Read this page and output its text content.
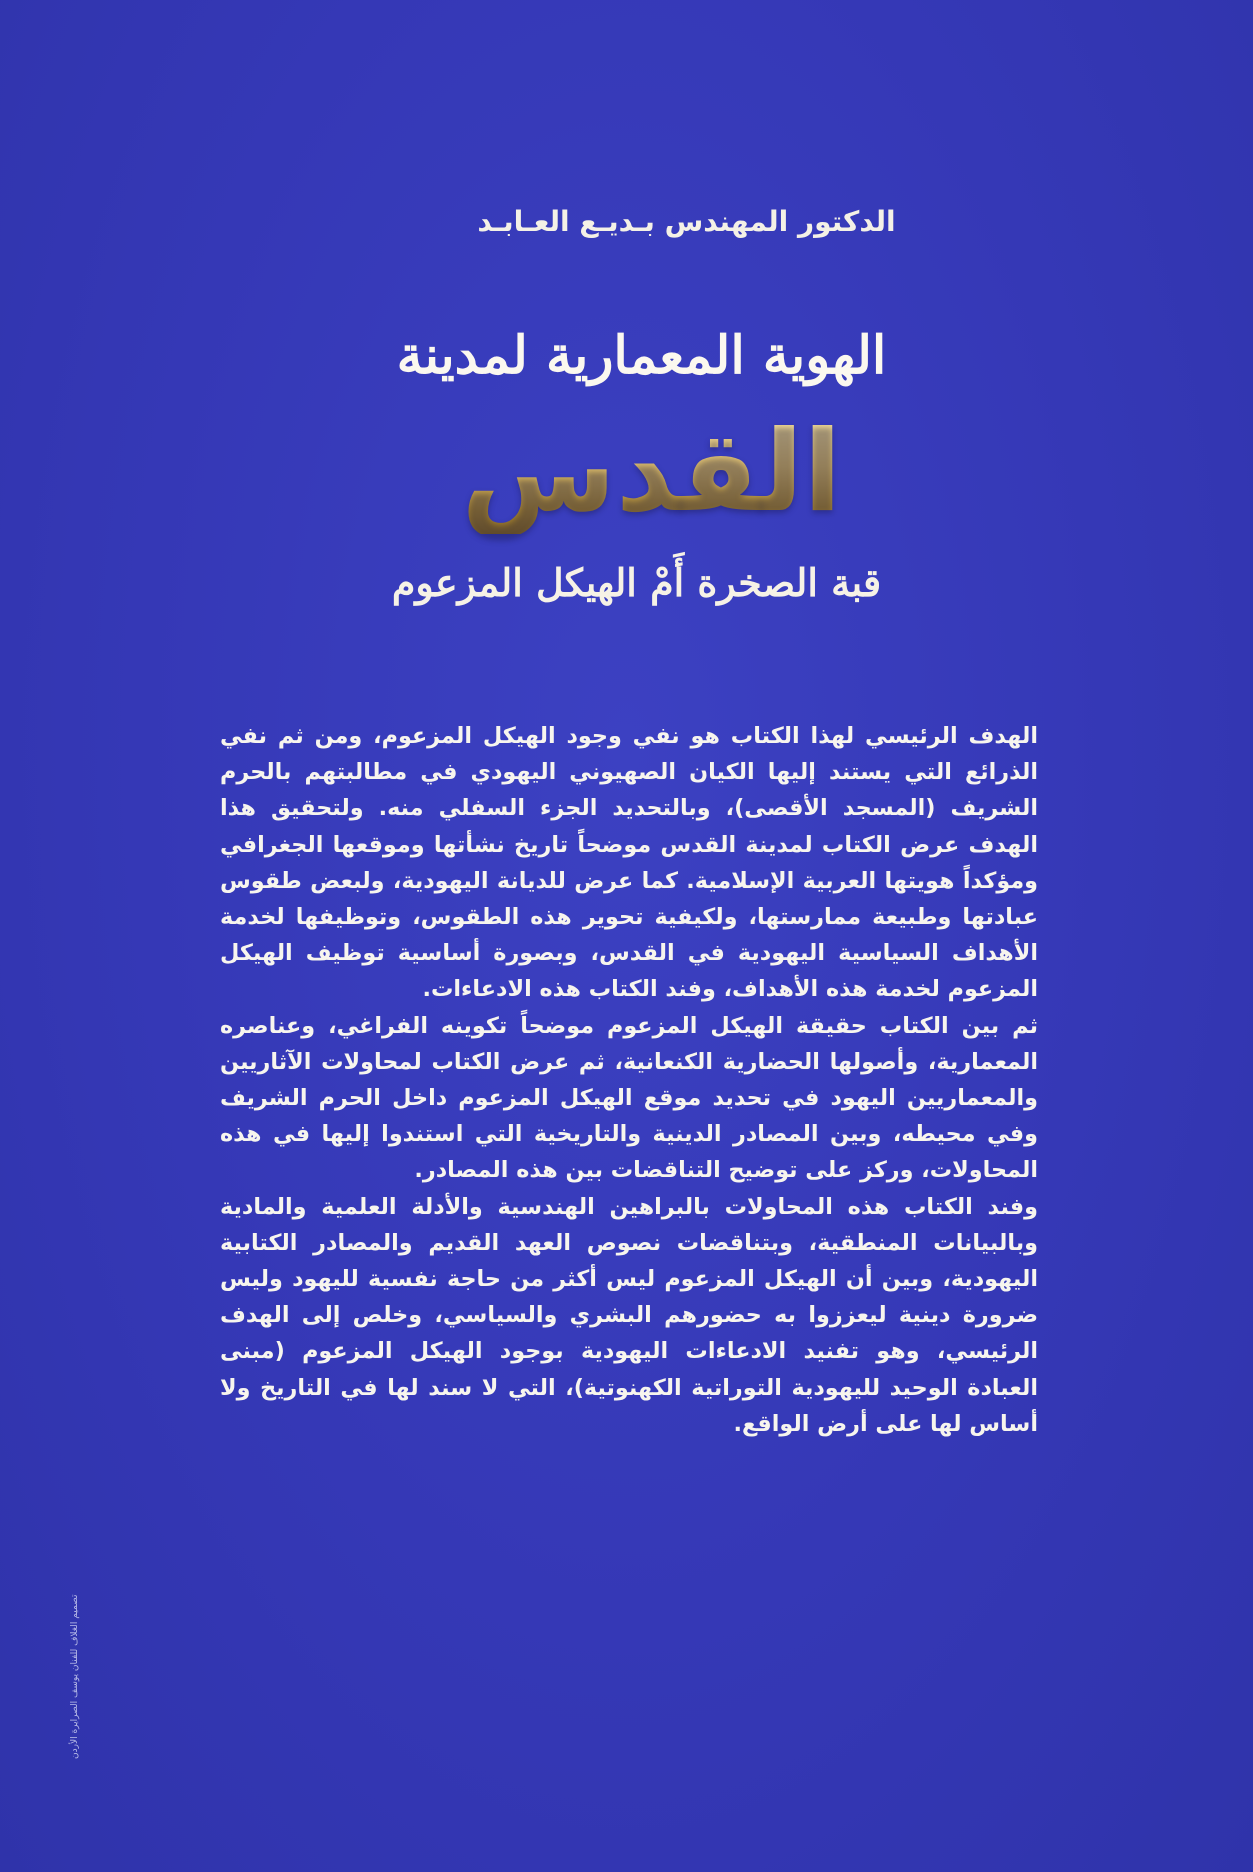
الدكتور المهندس بـديـع العـابـد
الهوية المعمارية لمدينة
القدس
قبة الصخرة أَمْ الهيكل المزعوم

الهدف الرئيسي لهذا الكتاب هو نفي وجود الهيكل المزعوم، ومن ثم نفي الذرائع التي يستند إليها الكيان الصهيوني اليهودي في مطالبتهم بالحرم الشريف (المسجد الأقصى)، وبالتحديد الجزء السفلي منه. ولتحقيق هذا الهدف عرض الكتاب لمدينة القدس موضحاً تاريخ نشأتها وموقعها الجغرافي ومؤكداً هويتها العربية الإسلامية. كما عرض للديانة اليهودية، ولبعض طقوس عبادتها وطبيعة ممارستها، ولكيفية تحوير هذه الطقوس، وتوظيفها لخدمة الأهداف السياسية اليهودية في القدس، وبصورة أساسية توظيف الهيكل المزعوم لخدمة هذه الأهداف، وفند الكتاب هذه الادعاءات.

ثم بين الكتاب حقيقة الهيكل المزعوم موضحاً تكوينه الفراغي، وعناصره المعمارية، وأصولها الحضارية الكنعانية، ثم عرض الكتاب لمحاولات الآثاريين والمعماريين اليهود في تحديد موقع الهيكل المزعوم داخل الحرم الشريف وفي محيطه، وبين المصادر الدينية والتاريخية التي استندوا إليها في هذه المحاولات، وركز على توضيح التناقضات بين هذه المصادر.

وفند الكتاب هذه المحاولات بالبراهين الهندسية والأدلة العلمية والمادية وبالبيانات المنطقية، وبتناقضات نصوص العهد القديم والمصادر الكتابية اليهودية، وبين أن الهيكل المزعوم ليس أكثر من حاجة نفسية لليهود وليس ضرورة دينية ليعززوا به حضورهم البشري والسياسي، وخلص إلى الهدف الرئيسي، وهو تفنيد الادعاءات اليهودية بوجود الهيكل المزعوم (مبنى العبادة الوحيد لليهودية التوراتية الكهنوتية)، التي لا سند لها في التاريخ ولا أساس لها على أرض الواقع.

تصميم الغلاف للفنان يوسف الصرايرة الأردن
